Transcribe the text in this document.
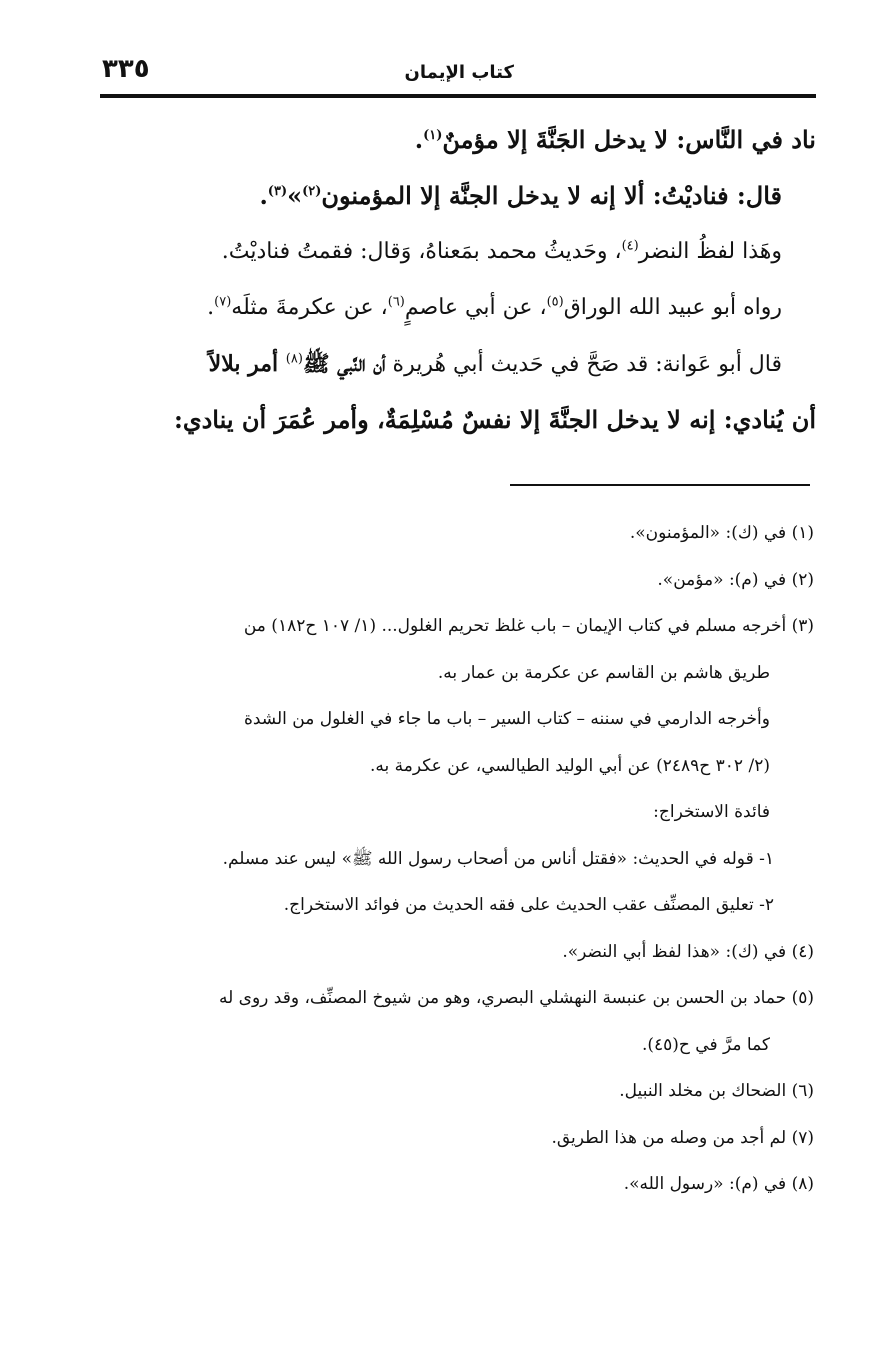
كتاب الإيمان
٣٣٥
ناد في النَّاس: لا يدخل الجَنَّةَ إلا مؤمنٌ$^{(١)}$.
قال: فناديْتُ: ألا إنه لا يدخل الجنَّة إلا المؤمنون$^{(٢)}$»$^{(٣)}$.
وهَذا لفظُ النضر$^{(٤)}$، وحَديثُ محمد بمَعناهُ، وَقال: فقمتُ فناديْتُ.
رواه أبو عبيد الله الوراق$^{(٥)}$، عن أبي عاصمٍ$^{(٦)}$، عن عكرمةَ مثلَه$^{(٧)}$.
قال أبو عَوانة: قد صَحَّ في حَديث أبي هُريرة أن النَّبي ﷺ$^{(٨)}$ أمر بلالاً
أن يُنادي: إنه لا يدخل الجنَّةَ إلا نفسٌ مُسْلِمَةٌ، وأمر عُمَرَ أن ينادي:
(١) في (ك): «المؤمنون».
(٢) في (م): «مؤمن».
(٣) أخرجه مسلم في كتاب الإيمان – باب غلظ تحريم الغلول... (١/ ١٠٧ ح١٨٢) من
طريق هاشم بن القاسم عن عكرمة بن عمار به.
وأخرجه الدارمي في سننه – كتاب السير – باب ما جاء في الغلول من الشدة
(٢/ ٣٠٢ ح٢٤٨٩) عن أبي الوليد الطيالسي، عن عكرمة به.
فائدة الاستخراج:
١- قوله في الحديث: «فقتل أناس من أصحاب رسول الله ﷺ» ليس عند مسلم.
٢- تعليق المصنِّف عقب الحديث على فقه الحديث من فوائد الاستخراج.
(٤) في (ك): «هذا لفظ أبي النضر».
(٥) حماد بن الحسن بن عنبسة النهشلي البصري، وهو من شيوخ المصنِّف، وقد روى له
كما مرَّ في ح(٤٥).
(٦) الضحاك بن مخلد النبيل.
(٧) لم أجد من وصله من هذا الطريق.
(٨) في (م): «رسول الله».
